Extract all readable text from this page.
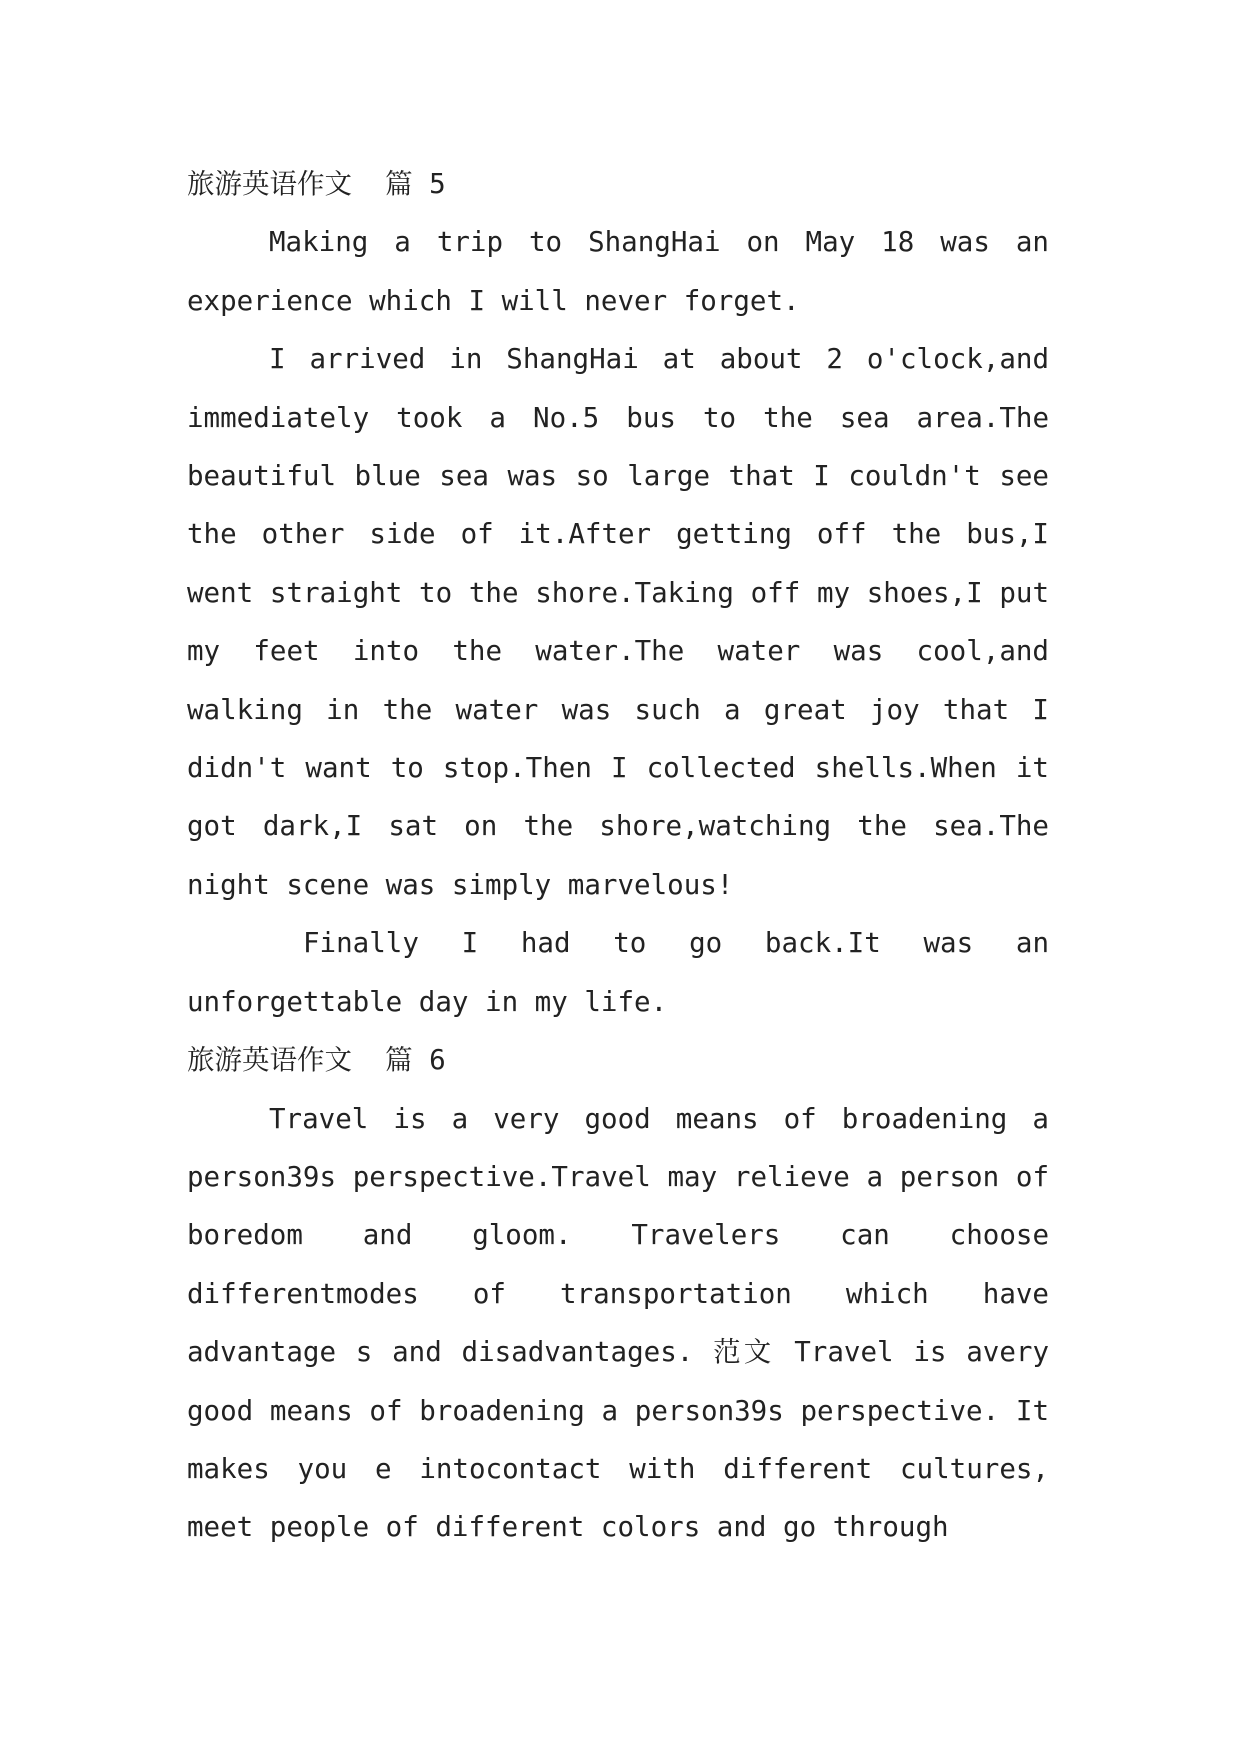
旅游英语作文  篇 5

Making a trip to ShangHai on May 18 was an experience which I will never forget.

I arrived in ShangHai at about 2 o'clock,and immediately took a No.5 bus to the sea area.The beautiful blue sea was so large that I couldn't see the other side of it.After getting off the bus,I went straight to the shore.Taking off my shoes,I put my feet into the water.The water was cool,and walking in the water was such a great joy that I didn't want to stop.Then I collected shells.When it got dark,I sat on the shore,watching the sea.The night scene was simply marvelous!

Finally I had to go back.It was an unforgettable day in my life.

旅游英语作文  篇 6

Travel is a very good means of broadening a person39s perspective.Travel may relieve a person of boredom and gloom. Travelers can choose differentmodes of transportation which have advantage s and disadvantages. 范文 Travel is avery good means of broadening a person39s perspective. It makes you e intocontact with different cultures, meet people of different colors and go through
